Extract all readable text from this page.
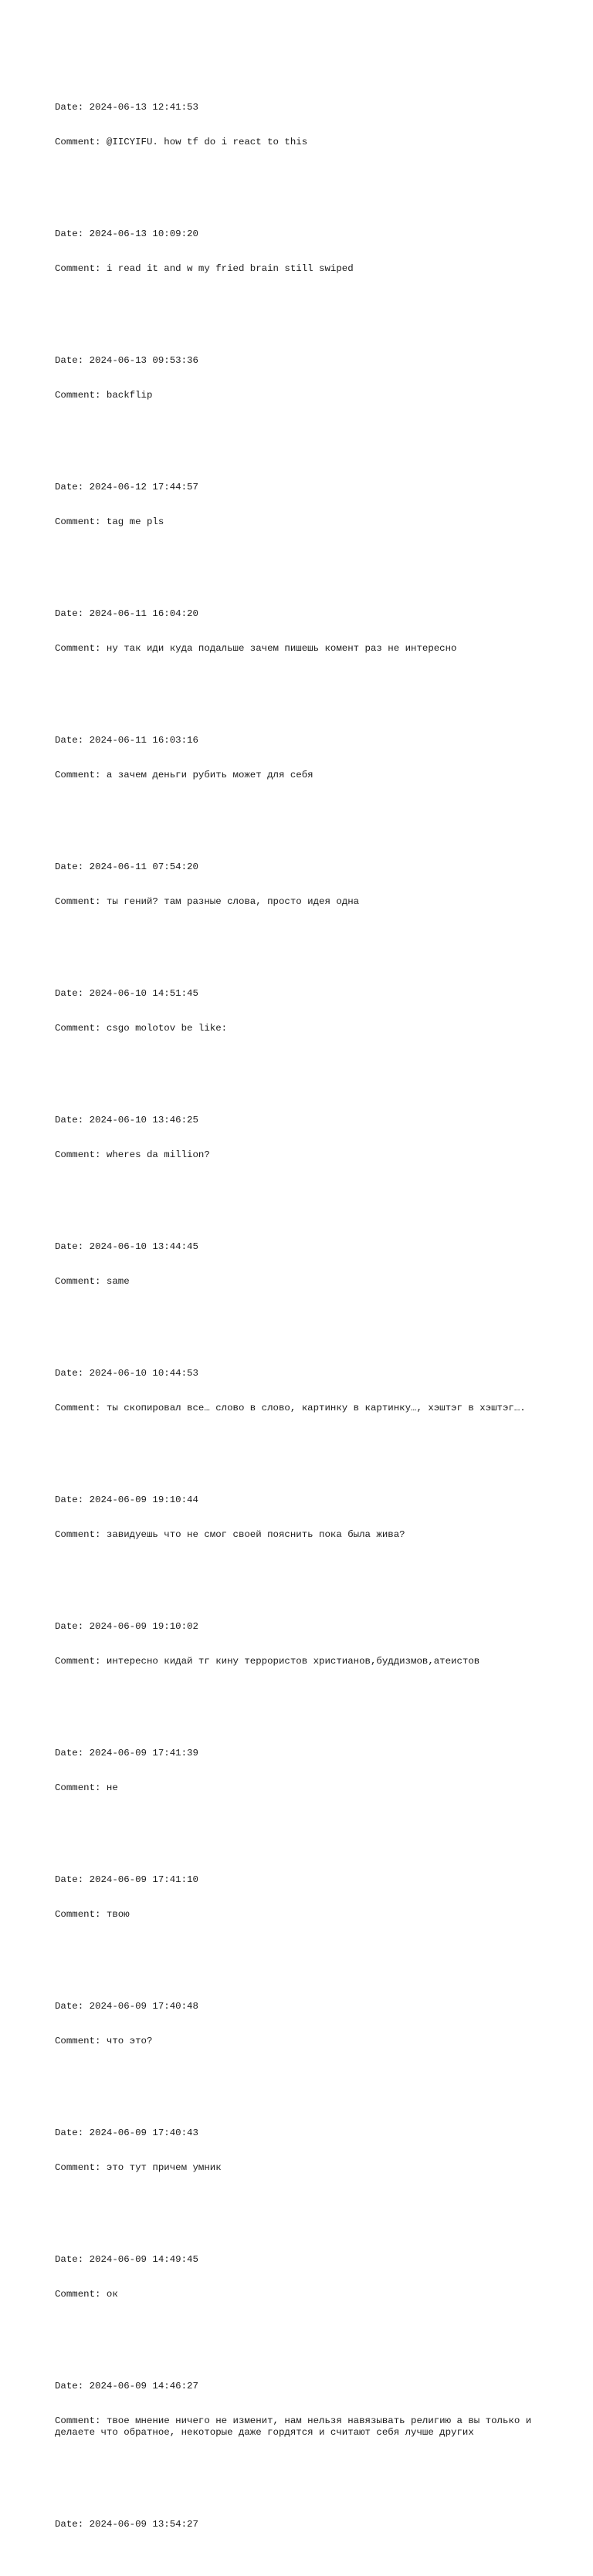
Date: 2024-06-13 12:41:53

Comment: @IICYIFU. how tf do i react to this

Date: 2024-06-13 10:09:20

Comment: i read it and w my fried brain still swiped

Date: 2024-06-13 09:53:36

Comment: backflip

Date: 2024-06-12 17:44:57

Comment: tag me pls

Date: 2024-06-11 16:04:20

Comment: ну так иди куда подальше зачем пишешь комент раз не интересно

Date: 2024-06-11 16:03:16

Comment: а зачем деньги рубить может для себя

Date: 2024-06-11 07:54:20

Comment: ты гений? там разные слова, просто идея одна

Date: 2024-06-10 14:51:45

Comment: csgo molotov be like:

Date: 2024-06-10 13:46:25

Comment: wheres da million?

Date: 2024-06-10 13:44:45

Comment: same

Date: 2024-06-10 10:44:53

Comment: ты скопировал все… слово в слово, картинку в картинку…, хэштэг в хэштэг….

Date: 2024-06-09 19:10:44

Comment: завидуешь что не смог своей пояснить пока была жива?

Date: 2024-06-09 19:10:02

Comment: интересно кидай тг кину террористов христианов,буддизмов,атеистов

Date: 2024-06-09 17:41:39

Comment: не

Date: 2024-06-09 17:41:10

Comment: твою

Date: 2024-06-09 17:40:48

Comment: что это?

Date: 2024-06-09 17:40:43

Comment: это тут причем умник

Date: 2024-06-09 14:49:45

Comment: ок

Date: 2024-06-09 14:46:27

Comment: твое мнение ничего не изменит, нам нельзя навязывать религию а вы только и делаете что обратное, некоторые даже гордятся и считают себя лучше других

Date: 2024-06-09 13:54:27
